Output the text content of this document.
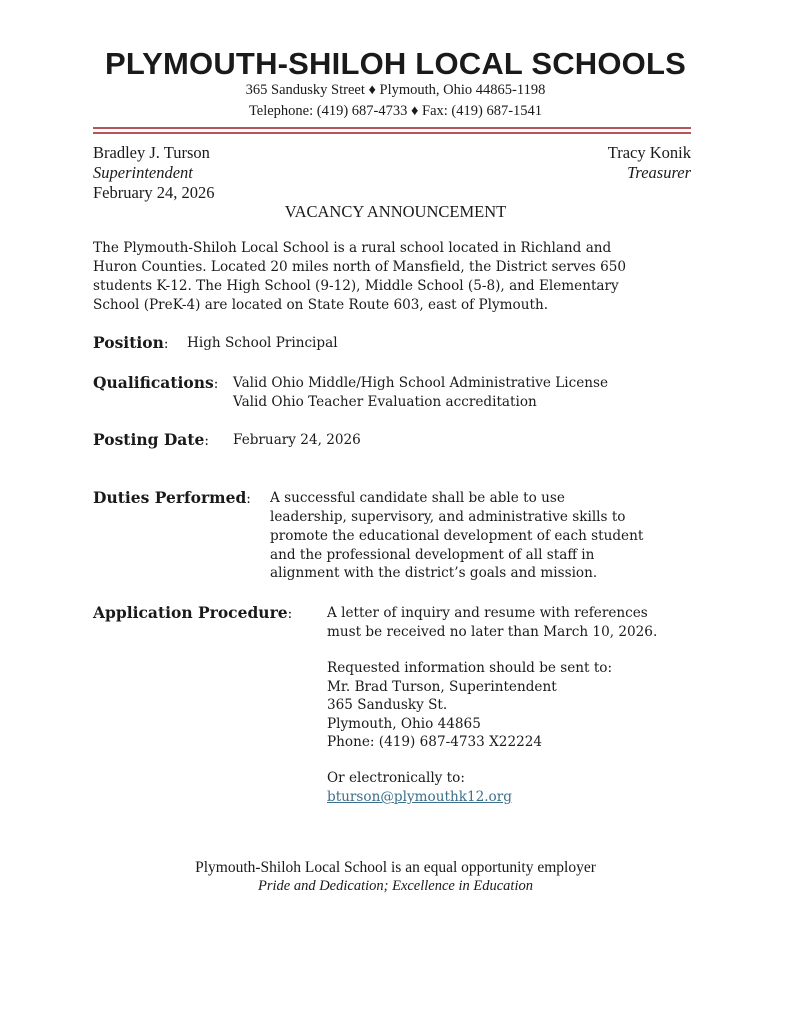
PLYMOUTH-SHILOH LOCAL SCHOOLS
365 Sandusky Street ♦ Plymouth, Ohio 44865-1198
Telephone: (419) 687-4733 ♦ Fax: (419) 687-1541
Bradley J. Turson
Superintendent
February 24, 2026
Tracy Konik
Treasurer
VACANCY ANNOUNCEMENT
The Plymouth-Shiloh Local School is a rural school located in Richland and
Huron Counties. Located 20 miles north of Mansfield, the District serves 650
students K-12. The High School (9-12), Middle School (5-8), and Elementary
School (PreK-4) are located on State Route 603, east of Plymouth.
Position: High School Principal
Qualifications: Valid Ohio Middle/High School Administrative License
Valid Ohio Teacher Evaluation accreditation
Posting Date: February 24, 2026
Duties Performed: A successful candidate shall be able to use
leadership, supervisory, and administrative skills to
promote the educational development of each student
and the professional development of all staff in
alignment with the district’s goals and mission.
Application Procedure:	A letter of inquiry and resume with references
must be received no later than March 10, 2026.
Requested information should be sent to:
Mr. Brad Turson, Superintendent
365 Sandusky St.
Plymouth, Ohio 44865
Phone: (419) 687-4733 X22224
Or electronically to:
bturson@plymouthk12.org
Plymouth-Shiloh Local School is an equal opportunity employer
Pride and Dedication; Excellence in Education
